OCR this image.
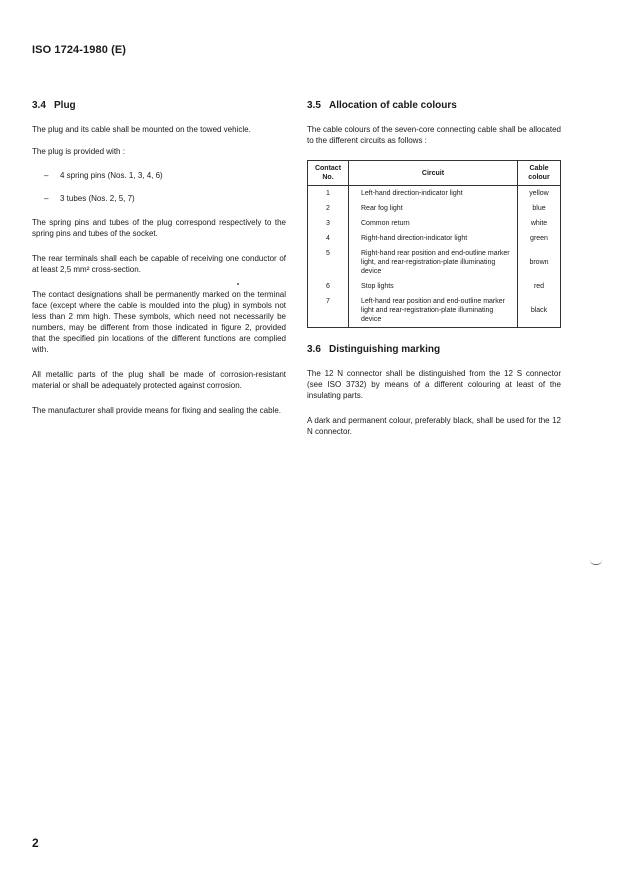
ISO 1724-1980 (E)
3.4 Plug

The plug and its cable shall be mounted on the towed vehicle.

The plug is provided with :

–	4 spring pins (Nos. 1, 3, 4, 6)
–	3 tubes (Nos. 2, 5, 7)

The spring pins and tubes of the plug correspond respectively to the spring pins and tubes of the socket.

The rear terminals shall each be capable of receiving one conductor of at least 2,5 mm² cross-section.

The contact designations shall be permanently marked on the terminal face (except where the cable is moulded into the plug) in symbols not less than 2 mm high. These symbols, which need not necessarily be numbers, may be different from those indicated in figure 2, provided that the specified pin locations of the different functions are complied with.

All metallic parts of the plug shall be made of corrosion-resistant material or shall be adequately protected against corrosion.

The manufacturer shall provide means for fixing and sealing the cable.

3.5 Allocation of cable colours

The cable colours of the seven-core connecting cable shall be allocated to the different circuits as follows :

Contact No.	Circuit	Cable colour
1	Left-hand direction-indicator light	yellow
2	Rear fog light	blue
3	Common return	white
4	Right-hand direction-indicator light	green
5	Right-hand rear position and end-outline marker light, and rear-registration-plate illuminating device	brown
6	Stop lights	red
7	Left-hand rear position and end-outline marker light and rear-registration-plate illuminating device	black
3.6 Distinguishing marking

The 12 N connector shall be distinguished from the 12 S connector (see ISO 3732) by means of a different colouring at least of the insulating parts.

A dark and permanent colour, preferably black, shall be used for the 12 N connector.

2
